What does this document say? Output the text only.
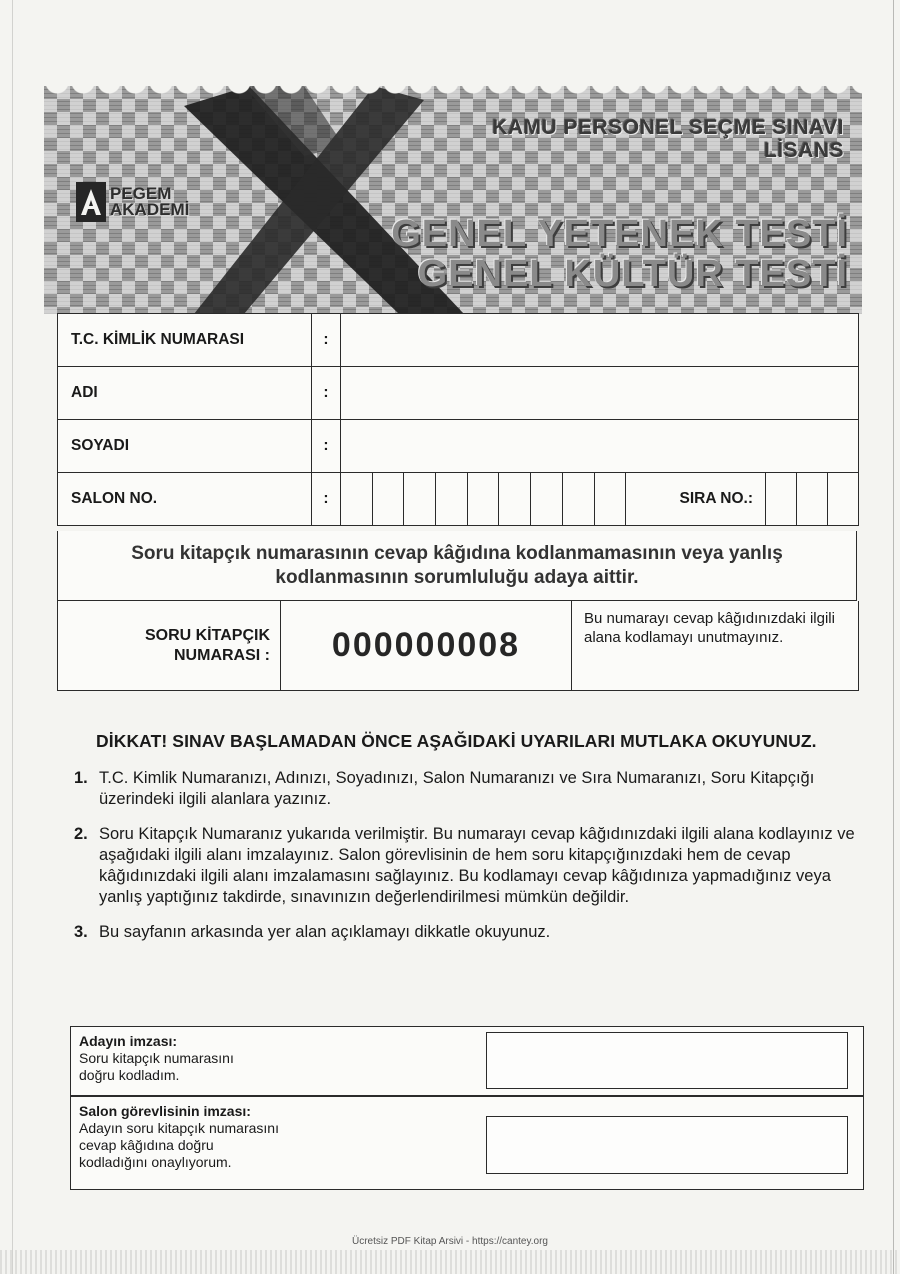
PEGEM
AKADEMİ
KAMU PERSONEL SEÇME SINAVI
LİSANS
GENEL YETENEK TESTİ
GENEL KÜLTÜR TESTİ
T.C. KİMLİK NUMARASI	:	
ADI	:	
SOYADI	:	
SALON NO.	:	SIRA NO.:
Soru kitapçık numarasının cevap kâğıdına kodlanmamasının veya yanlış kodlanmasının sorumluluğu adaya aittir.
SORU KİTAPÇIK
NUMARASI :	000000008
Bu numarayı cevap kâğıdınızdaki ilgili alana kodlamayı unutmayınız.
DİKKAT! SINAV BAŞLAMADAN ÖNCE AŞAĞIDAKİ UYARILARI MUTLAKA OKUYUNUZ.
1. T.C. Kimlik Numaranızı, Adınızı, Soyadınızı, Salon Numaranızı ve Sıra Numaranızı, Soru Kitapçığı üzerindeki ilgili alanlara yazınız.
2. Soru Kitapçık Numaranız yukarıda verilmiştir. Bu numarayı cevap kâğıdınızdaki ilgili alana kodlayınız ve aşağıdaki ilgili alanı imzalayınız. Salon görevlisinin de hem soru kitapçığınızdaki hem de cevap kâğıdınızdaki ilgili alanı imzalamasını sağlayınız. Bu kodlamayı cevap kâğıdınıza yapmadığınız veya yanlış yaptığınız takdirde, sınavınızın değerlendirilmesi mümkün değildir.
3. Bu sayfanın arkasında yer alan açıklamayı dikkatle okuyunuz.
Adayın imzası:
Soru kitapçık numarasını
doğru kodladım.
Salon görevlisinin imzası:
Adayın soru kitapçık numarasını
cevap kâğıdına doğru
kodladığını onaylıyorum.
Ücretsiz PDF Kitap Arsivi - https://cantey.org
